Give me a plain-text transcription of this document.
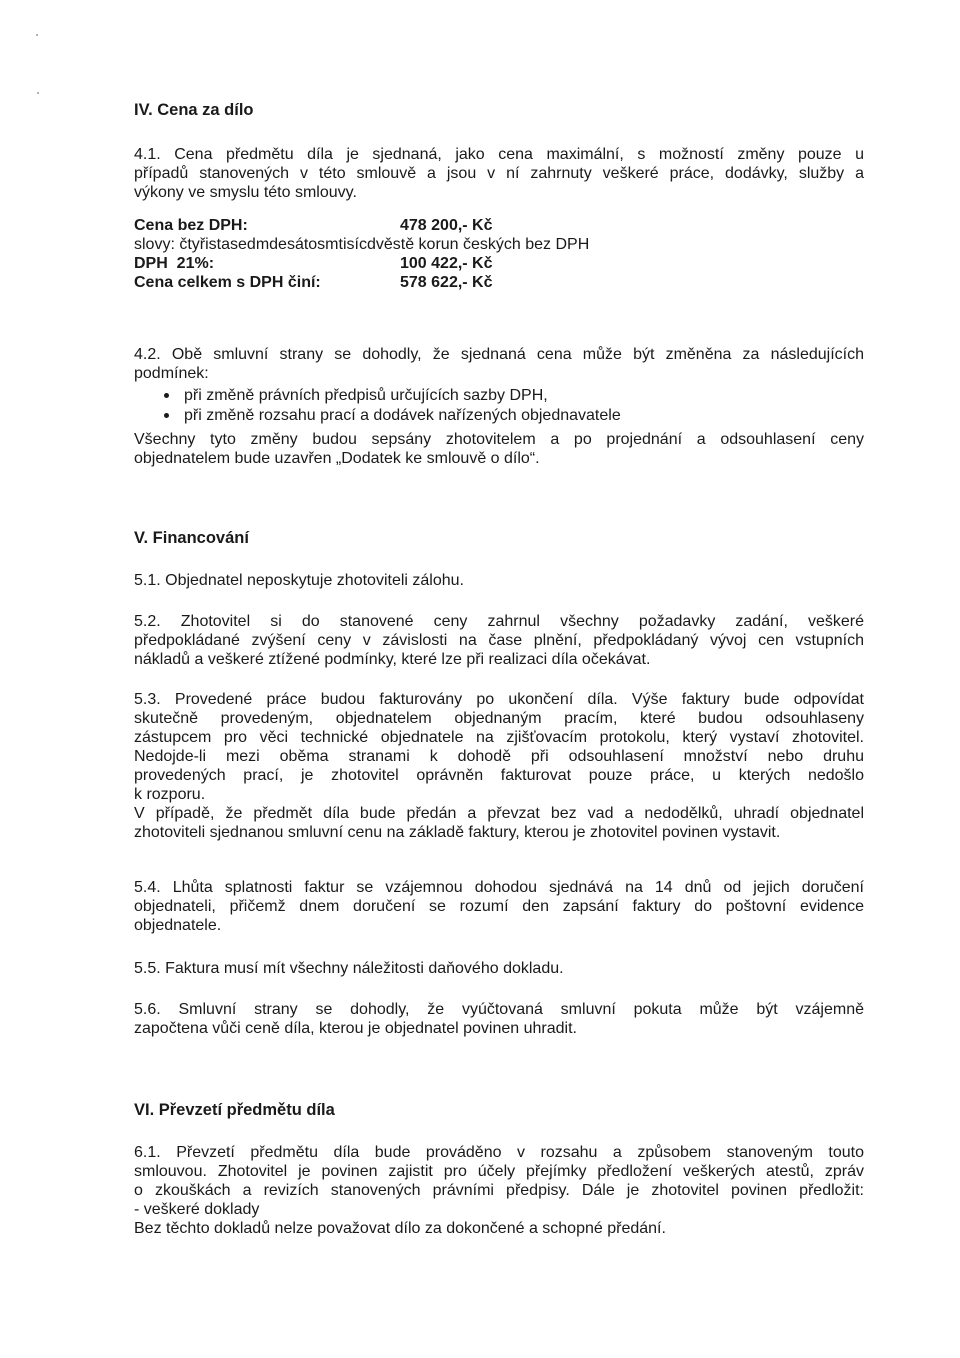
IV. Cena za dílo
4.1. Cena předmětu díla je sjednaná, jako cena maximální, s možností změny pouze u
případů stanovených v této smlouvě a jsou v ní zahrnuty veškeré práce, dodávky, služby a
výkony ve smyslu této smlouvy.
Cena bez DPH:	478 200,- Kč
slovy: čtyřistasedmdesátosmtisícdvěstě korun českých bez DPH
DPH  21%:	100 422,- Kč
Cena celkem s DPH činí:	578 622,- Kč
4.2. Obě smluvní strany se dohodly, že sjednaná cena může být změněna za následujících
podmínek:
při změně právních předpisů určujících sazby DPH,
při změně rozsahu prací a dodávek nařízených objednavatele
Všechny tyto změny budou sepsány zhotovitelem a po projednání a odsouhlasení ceny
objednatelem bude uzavřen „Dodatek ke smlouvě o dílo“.
V. Financování
5.1. Objednatel neposkytuje zhotoviteli zálohu.
5.2. Zhotovitel si do stanovené ceny zahrnul všechny požadavky zadání, veškeré
předpokládané zvýšení ceny v závislosti na čase plnění, předpokládaný vývoj cen vstupních
nákladů a veškeré ztížené podmínky, které lze při realizaci díla očekávat.
5.3. Provedené práce budou fakturovány po ukončení díla. Výše faktury bude odpovídat
skutečně provedeným, objednatelem objednaným pracím, které budou odsouhlaseny
zástupcem pro věci technické objednatele na zjišťovacím protokolu, který vystaví zhotovitel.
Nedojde-li mezi oběma stranami k dohodě při odsouhlasení množství nebo druhu
provedených prací, je zhotovitel oprávněn fakturovat pouze práce, u kterých nedošlo
k rozporu.
V případě, že předmět díla bude předán a převzat bez vad a nedodělků, uhradí objednatel
zhotoviteli sjednanou smluvní cenu na základě faktury, kterou je zhotovitel povinen vystavit.
5.4. Lhůta splatnosti faktur se vzájemnou dohodou sjednává na 14 dnů od jejich doručení
objednateli, přičemž dnem doručení se rozumí den zapsání faktury do poštovní evidence
objednatele.
5.5. Faktura musí mít všechny náležitosti daňového dokladu.
5.6. Smluvní strany se dohodly, že vyúčtovaná smluvní pokuta může být vzájemně
započtena vůči ceně díla, kterou je objednatel povinen uhradit.
VI. Převzetí předmětu díla
6.1. Převzetí předmětu díla bude prováděno v rozsahu a způsobem stanoveným touto
smlouvou. Zhotovitel je povinen zajistit pro účely přejímky předložení veškerých atestů, zpráv
o zkouškách a revizích stanovených právními předpisy. Dále je zhotovitel povinen předložit:
- veškeré doklady
Bez těchto dokladů nelze považovat dílo za dokončené a schopné předání.
